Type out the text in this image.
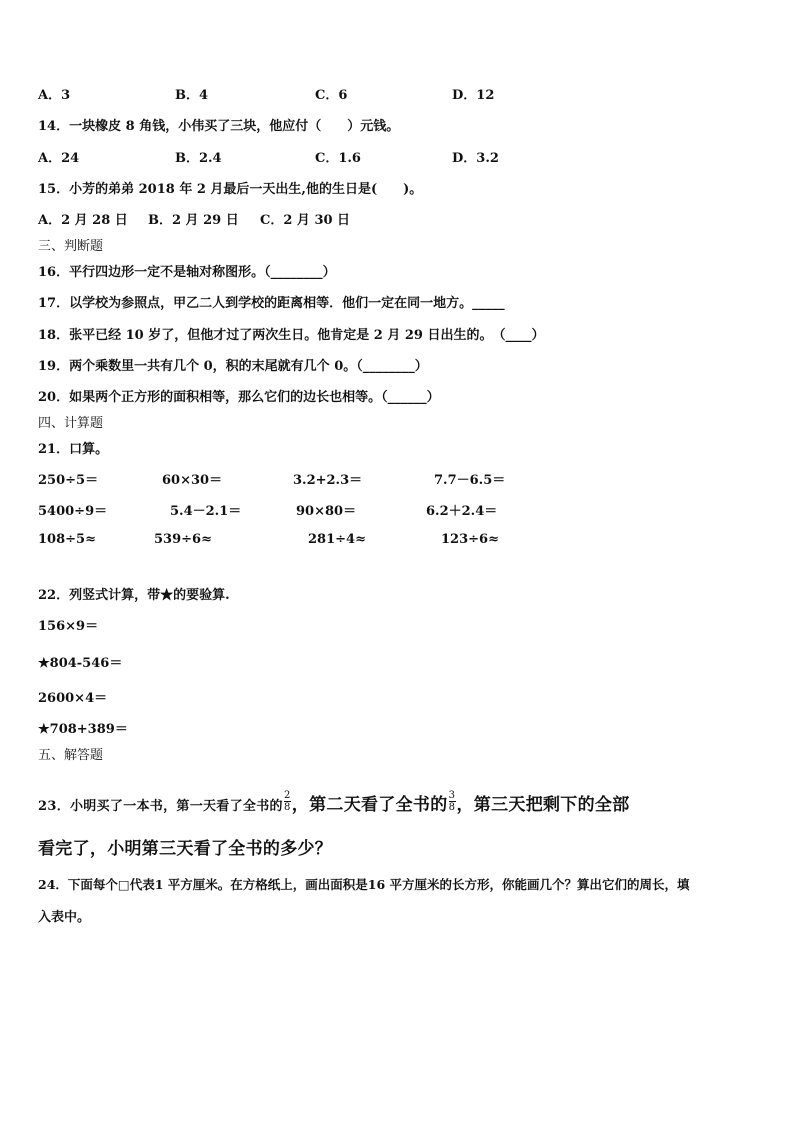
A．3	B．4	C．6	D．12
14．一块橡皮 8 角钱，小伟买了三块，他应付（　　）元钱。
A．24	B．2.4	C．1.6	D．3.2
15．小芳的弟弟 2018 年 2 月最后一天出生,他的生日是(　　)。
A．2 月 28 日 B．2 月 29 日 C．2 月 30 日
三、判断题
16．平行四边形一定不是轴对称图形。（________）
17．以学校为参照点，甲乙二人到学校的距离相等．他们一定在同一地方。_____
18．张平已经 10 岁了，但他才过了两次生日。他肯定是 2 月 29 日出生的。　（____）
19．两个乘数里一共有几个 0，积的末尾就有几个 0。（________）
20．如果两个正方形的面积相等，那么它们的边长也相等。（______）
四、计算题
21．口算。
250÷5＝	60×30＝	3.2+2.3＝	7.7－6.5＝
5400÷9＝	5.4－2.1＝	90×80＝	6.2＋2.4＝
108÷5≈	539÷6≈	281÷4≈	123÷6≈
22．列竖式计算，带★的要验算.
156×9＝
★804-546＝
2600×4＝
★708+389＝
五、解答题
23．小明买了一本书，第一天看了全书的 $\frac{2}{8}$ ，第二天看了全书的 $\frac{3}{8}$ ，第三天把剩下的全部
看完了，小明第三天看了全书的多少？
24．下面每个□代表1 平方厘米。在方格纸上，画出面积是16 平方厘米的长方形，你能画几个？算出它们的周长，填
入表中。
